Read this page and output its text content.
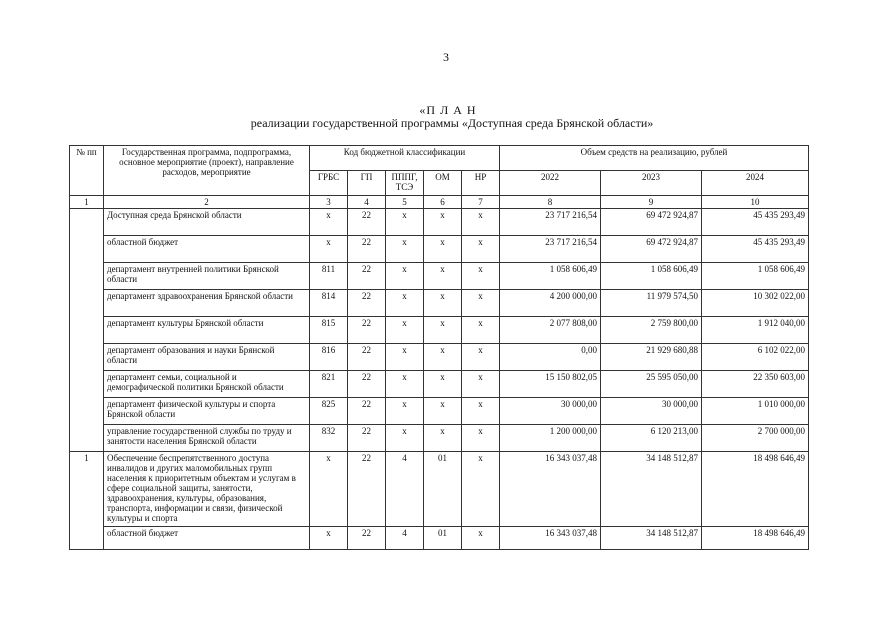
3
«П Л А Н
реализации государственной программы «Доступная среда Брянской области»
№ пп	Государственная программа, подпрограмма, основное мероприятие (проект), направление расходов, мероприятие	Код бюджетной классификации					Объем средств на реализацию, рублей		
		ГРБС	ГП	ПППГ, ТСЭ	ОМ	НР	2022	2023	2024
1	2	3	4	5	6	7	8	9	10
	Доступная среда Брянской области	х	22	х	х	х	23 717 216,54	69 472 924,87	45 435 293,49
	областной бюджет	х	22	х	х	х	23 717 216,54	69 472 924,87	45 435 293,49
	департамент внутренней политики Брянской области	811	22	х	х	х	1 058 606,49	1 058 606,49	1 058 606,49
	департамент здравоохранения Брянской области	814	22	х	х	х	4 200 000,00	11 979 574,50	10 302 022,00
	департамент культуры Брянской области	815	22	х	х	х	2 077 808,00	2 759 800,00	1 912 040,00
	департамент образования и науки Брянской области	816	22	х	х	х	0,00	21 929 680,88	6 102 022,00
	департамент семьи, социальной и демографической политики Брянской области	821	22	х	х	х	15 150 802,05	25 595 050,00	22 350 603,00
	департамент физической культуры и спорта Брянской области	825	22	х	х	х	30 000,00	30 000,00	1 010 000,00
	управление государственной службы по труду и занятости населения Брянской области	832	22	х	х	х	1 200 000,00	6 120 213,00	2 700 000,00
1	Обеспечение беспрепятственного доступа инвалидов и других маломобильных групп населения к приоритетным объектам и услугам в сфере социальной защиты, занятости, здравоохранения, культуры, образования, транспорта, информации и связи, физической культуры и спорта	х	22	4	01	х	16 343 037,48	34 148 512,87	18 498 646,49
	областной бюджет	х	22	4	01	х	16 343 037,48	34 148 512,87	18 498 646,49
